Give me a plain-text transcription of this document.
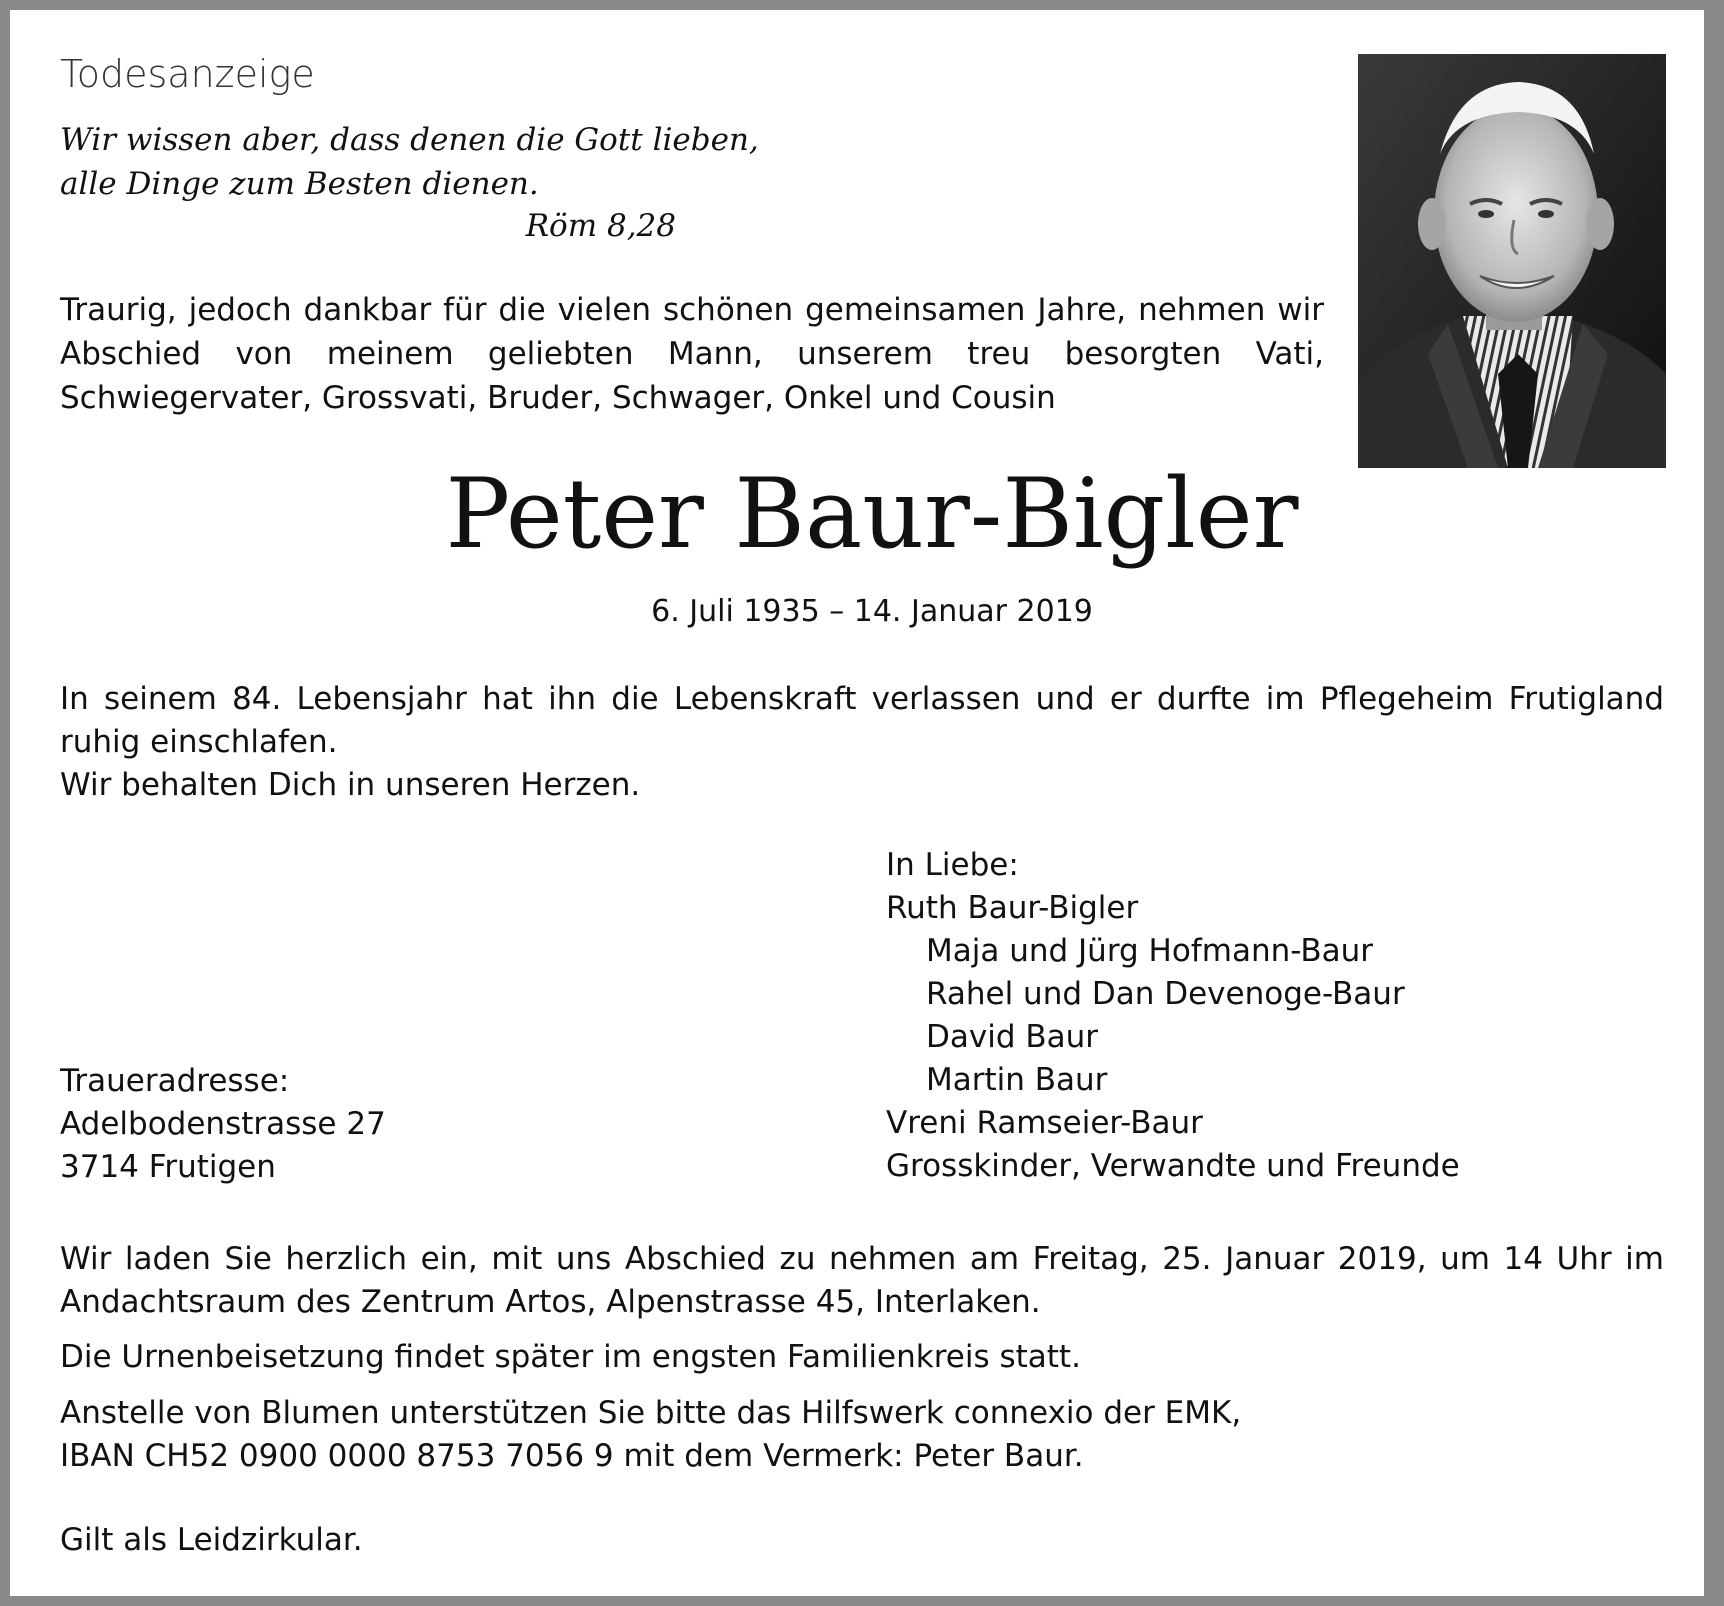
Todesanzeige
Wir wissen aber, dass denen die Gott lieben,
alle Dinge zum Besten dienen.
Röm 8,28
Traurig, jedoch dankbar für die vielen schönen gemeinsamen Jahre, nehmen wir Abschied von meinem geliebten Mann, unserem treu besorgten Vati, Schwiegervater, Grossvati, Bruder, Schwager, Onkel und Cousin
Peter Baur-Bigler
6. Juli 1935 – 14. Januar 2019

In seinem 84. Lebensjahr hat ihn die Lebenskraft verlassen und er durfte im Pflegeheim Frutigland ruhig einschlafen.

Wir behalten Dich in unseren Herzen.

In Liebe:
Ruth Baur-Bigler
Maja und Jürg Hofmann-Baur
Rahel und Dan Devenoge-Baur
David Baur
Martin Baur
Vreni Ramseier-Baur
Grosskinder, Verwandte und Freunde
Traueradresse:
Adelbodenstrasse 27
3714 Frutigen
Wir laden Sie herzlich ein, mit uns Abschied zu nehmen am Freitag, 25. Januar 2019, um 14 Uhr im Andachtsraum des Zentrum Artos, Alpenstrasse 45, Interlaken.
Die Urnenbeisetzung findet später im engsten Familienkreis statt.
Anstelle von Blumen unterstützen Sie bitte das Hilfswerk connexio der EMK,
IBAN CH52 0900 0000 8753 7056 9 mit dem Vermerk: Peter Baur.
Gilt als Leidzirkular.
